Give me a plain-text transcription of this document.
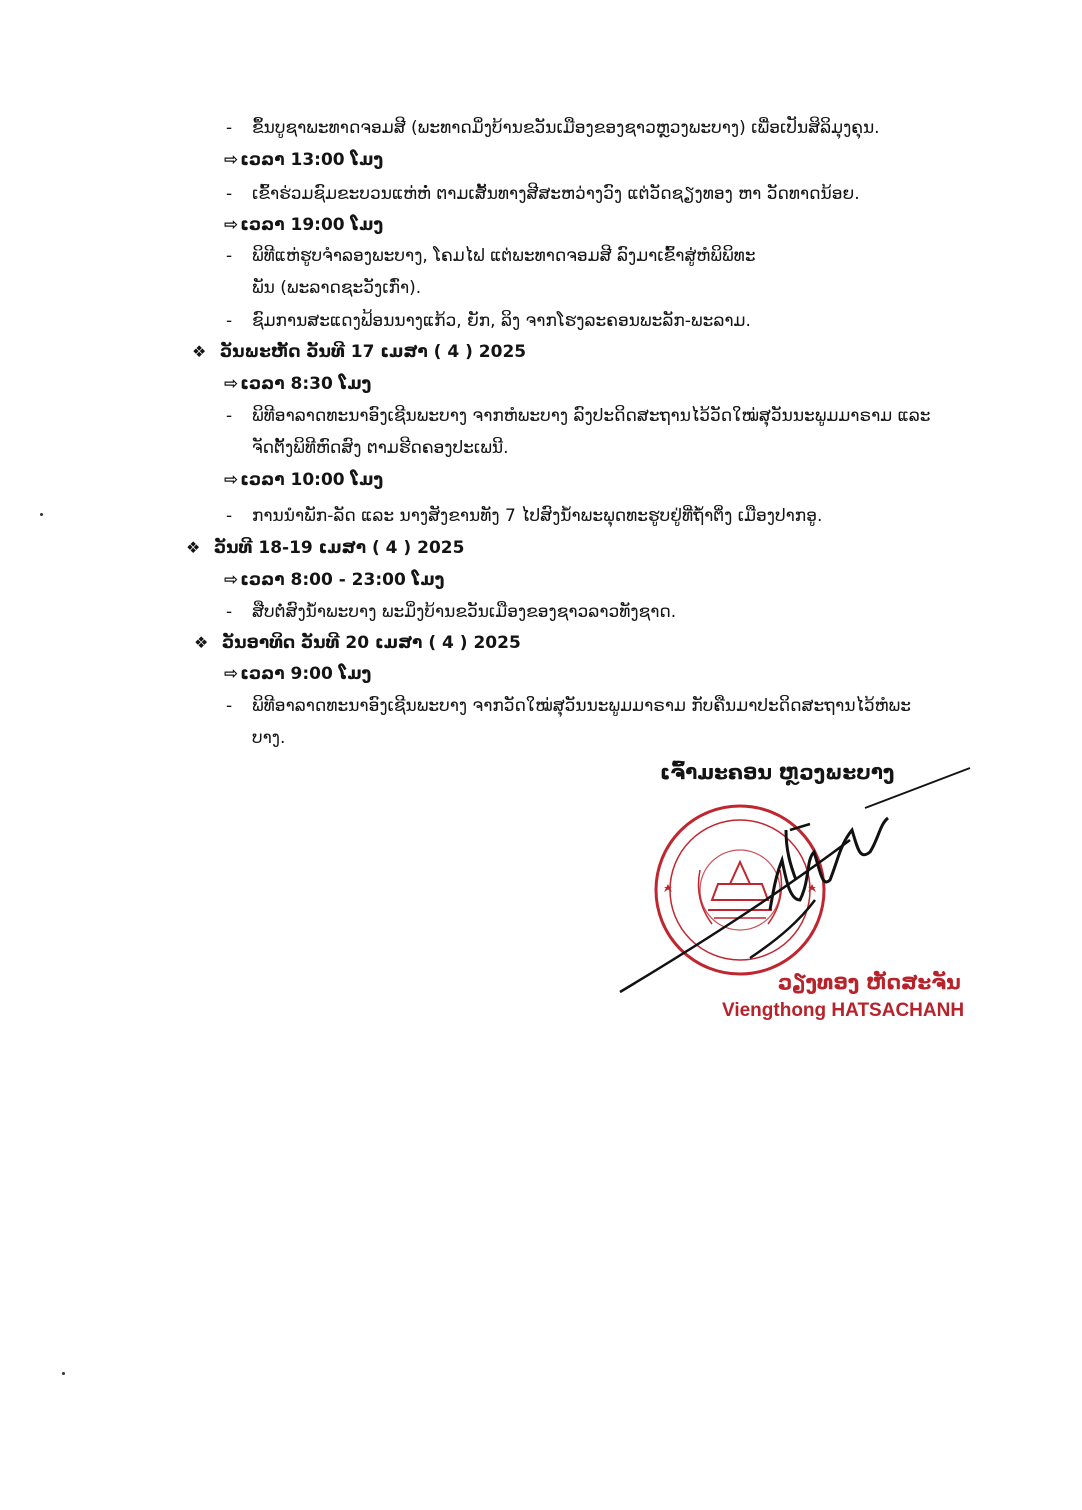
- ຂຶ້ນບູຊາພະທາດຈອມສີ (ພະທາດມິ່ງບ້ານຂວັນເມືອງຂອງຊາວຫຼວງພະບາງ) ເພື່ອເປັນສິລິມຸງຄຸນ.
⇨ ເວລາ 13:00 ໂມງ
- ເຂົ້າຮ່ວມຊົມຂະບວນແຫ່ຫໍ່ ຕາມເສັ້ນທາງສີສະຫວ່າງວົງ ແຕ່ວັດຊຽງທອງ ຫາ ວັດທາດນ້ອຍ.
⇨ ເວລາ 19:00 ໂມງ
- ພິທີແຫ່ຮູບຈຳລອງພະບາງ, ໂຄມໄຟ ແຕ່ພະທາດຈອມສີ ລົງມາເຂົ້າສູ່ຫໍພິພິທະ
ພັນ (ພະລາດຊະວັງເກົ່າ).
- ຊົມການສະແດງຟ້ອນນາງແກ້ວ, ຍັກ, ລິງ ຈາກໂຮງລະຄອນພະລັກ-ພະລາມ.
❖ ວັນພະຫັດ ວັນທີ 17 ເມສາ ( 4 ) 2025
⇨ ເວລາ 8:30 ໂມງ
- ພິທີອາລາດທະນາອົງເຊີນພະບາງ ຈາກຫໍພະບາງ ລົງປະດິດສະຖານໄວ້ວັດໃໝ່ສຸວັນນະພູມມາຣາມ ແລະ
ຈັດຕັ້ງພິທີຫົດສົງ ຕາມຮີດຄອງປະເພນີ.
⇨ ເວລາ 10:00 ໂມງ
- ການນຳພັກ-ລັດ ແລະ ນາງສັງຂານທັງ 7 ໄປສົງນ້ຳພະພຸດທະຮູບຢູ່ທີ່ຖ້ຳຕິ່ງ ເມືອງປາກອູ.
❖ ວັນທີ 18-19 ເມສາ ( 4 ) 2025
⇨ ເວລາ 8:00 - 23:00 ໂມງ
- ສືບຕໍ່ສົງນ້ຳພະບາງ ພະມິ່ງບ້ານຂວັນເມືອງຂອງຊາວລາວທັງຊາດ.
❖ ວັນອາທິດ ວັນທີ 20 ເມສາ ( 4 ) 2025
⇨ ເວລາ 9:00 ໂມງ
- ພິທີອາລາດທະນາອົງເຊີນພະບາງ ຈາກວັດໃໝ່ສຸວັນນະພູມມາຣາມ ກັບຄືນມາປະດິດສະຖານໄວ້ຫໍພະ
ບາງ.
ເຈົ້າມະຄອນ ຫຼວງພະບາງ
ວຽງທອງ ຫັດສະຈັນ
Viengthong HATSACHANH
